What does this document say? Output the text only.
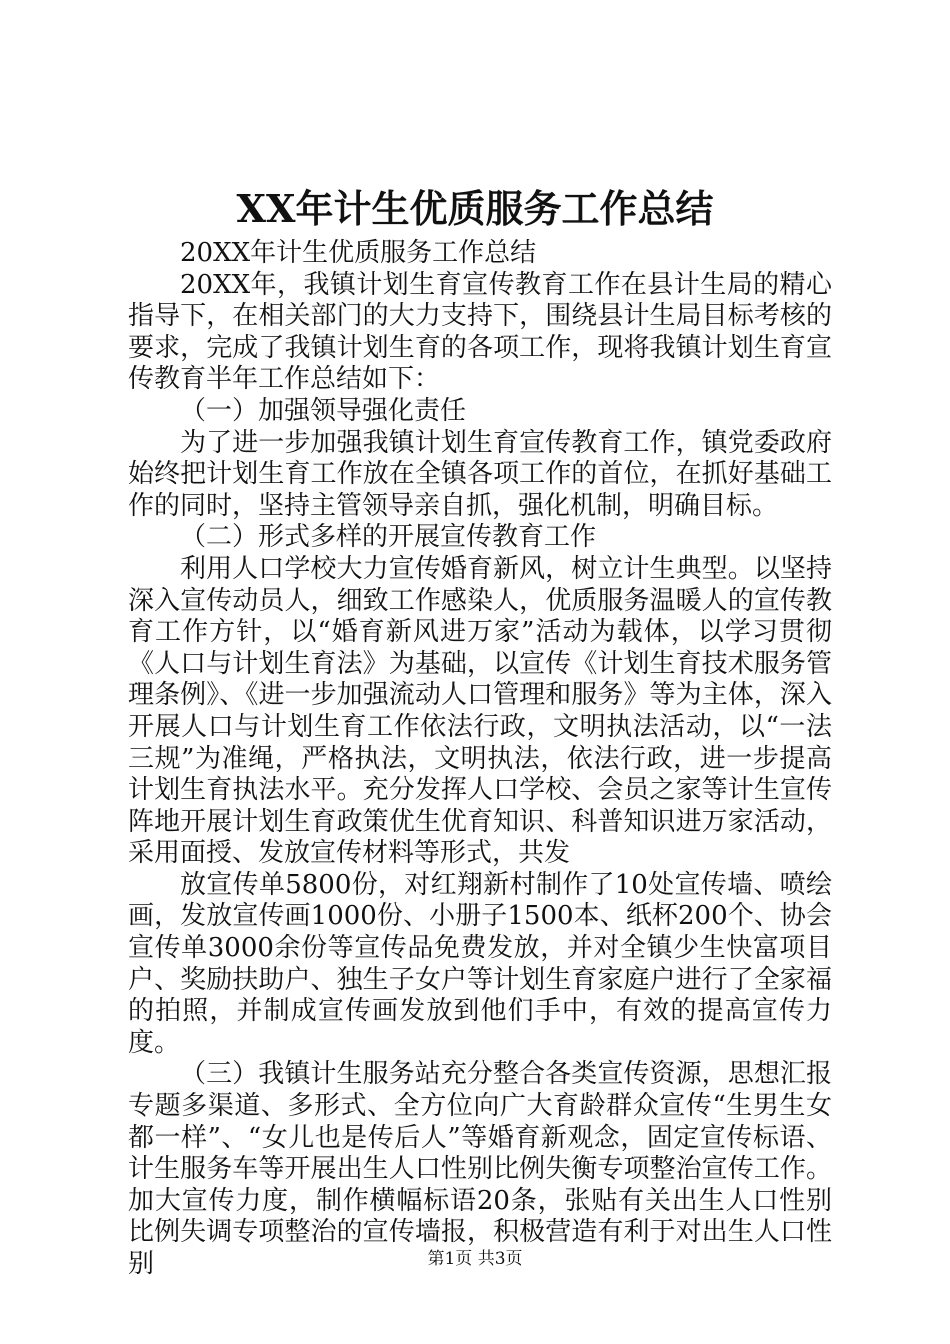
XX年计生优质服务工作总结

20XX年计生优质服务工作总结

20XX年，我镇计划生育宣传教育工作在县计生局的精心指导下，在相关部门的大力支持下，围绕县计生局目标考核的要求，完成了我镇计划生育的各项工作，现将我镇计划生育宣传教育半年工作总结如下：

（一）加强领导强化责任

为了进一步加强我镇计划生育宣传教育工作，镇党委政府始终把计划生育工作放在全镇各项工作的首位，在抓好基础工作的同时，坚持主管领导亲自抓，强化机制，明确目标。

（二）形式多样的开展宣传教育工作

利用人口学校大力宣传婚育新风，树立计生典型。以坚持深入宣传动员人，细致工作感染人，优质服务温暖人的宣传教育工作方针，以“婚育新风进万家”活动为载体，以学习贯彻《人口与计划生育法》为基础，以宣传《计划生育技术服务管理条例》、《进一步加强流动人口管理和服务》等为主体，深入开展人口与计划生育工作依法行政，文明执法活动，以“一法三规”为准绳，严格执法，文明执法，依法行政，进一步提高计划生育执法水平。充分发挥人口学校、会员之家等计生宣传阵地开展计划生育政策优生优育知识、科普知识进万家活动，采用面授、发放宣传材料等形式，共发

放宣传单5800份，对红翔新村制作了10处宣传墙、喷绘画，发放宣传画1000份、小册子1500本、纸杯200个、协会宣传单3000余份等宣传品免费发放，并对全镇少生快富项目户、奖励扶助户、独生子女户等计划生育家庭户进行了全家福的拍照，并制成宣传画发放到他们手中，有效的提高宣传力度。

（三）我镇计生服务站充分整合各类宣传资源，思想汇报专题多渠道、多形式、全方位向广大育龄群众宣传“生男生女都一样”、“女儿也是传后人”等婚育新观念，固定宣传标语、计生服务车等开展出生人口性别比例失衡专项整治宣传工作。加大宣传力度，制作横幅标语20条，张贴有关出生人口性别比例失调专项整治的宣传墙报，积极营造有利于对出生人口性别	第1页 共3页
